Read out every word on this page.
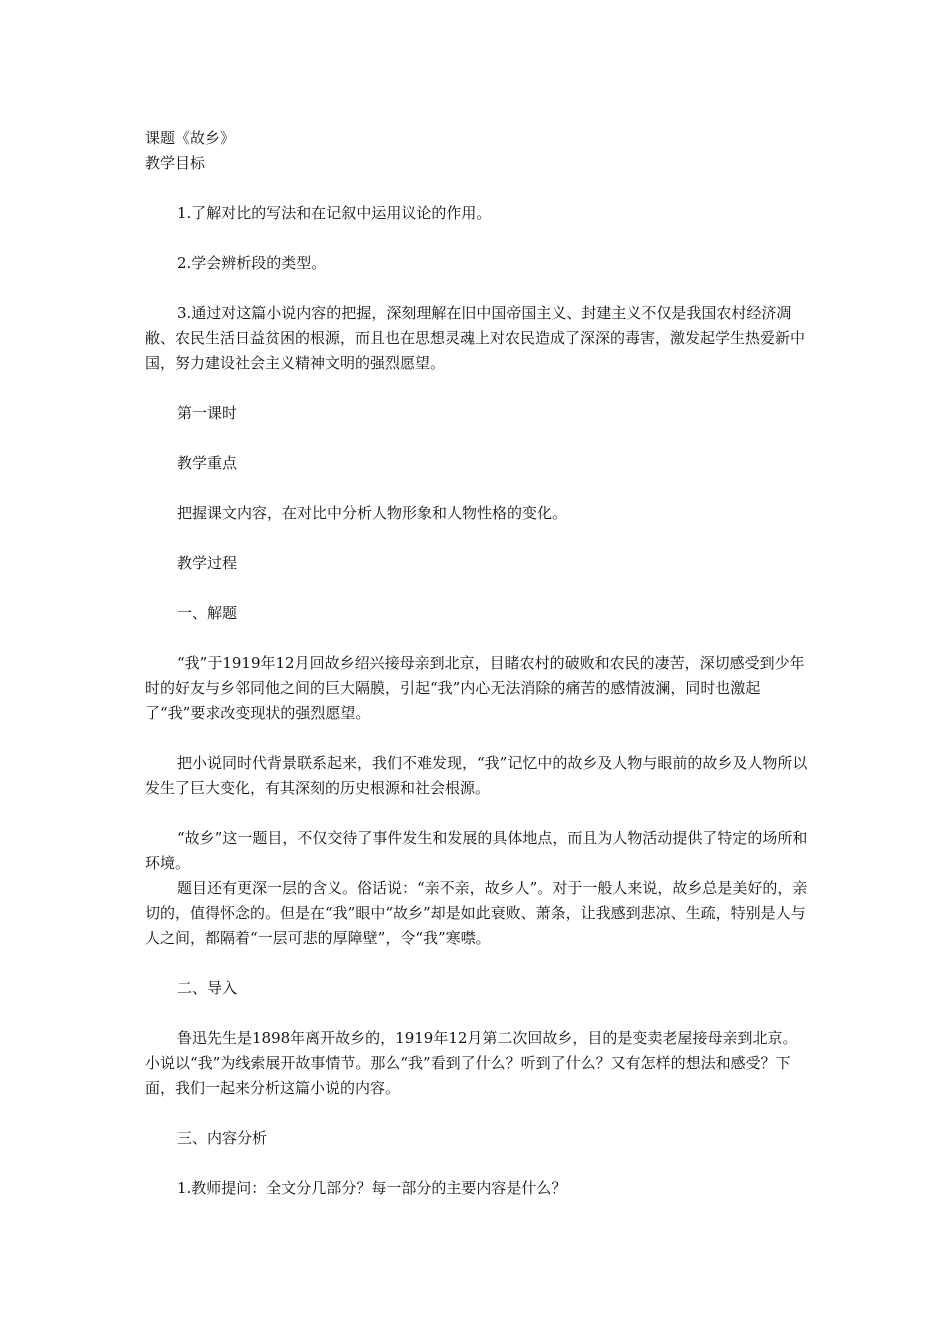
课题《故乡》

教学目标

1.了解对比的写法和在记叙中运用议论的作用。

2.学会辨析段的类型。

3.通过对这篇小说内容的把握，深刻理解在旧中国帝国主义、封建主义不仅是我国农村经济凋敝、农民生活日益贫困的根源，而且也在思想灵魂上对农民造成了深深的毒害，激发起学生热爱新中国，努力建设社会主义精神文明的强烈愿望。

第一课时

教学重点

把握课文内容，在对比中分析人物形象和人物性格的变化。

教学过程

一、解题

“我”于1919年12月回故乡绍兴接母亲到北京，目睹农村的破败和农民的凄苦，深切感受到少年时的好友与乡邻同他之间的巨大隔膜，引起“我”内心无法消除的痛苦的感情波澜，同时也激起了“我”要求改变现状的强烈愿望。

把小说同时代背景联系起来，我们不难发现，“我”记忆中的故乡及人物与眼前的故乡及人物所以发生了巨大变化，有其深刻的历史根源和社会根源。

“故乡”这一题目，不仅交待了事件发生和发展的具体地点，而且为人物活动提供了特定的场所和环境。

题目还有更深一层的含义。俗话说：“亲不亲，故乡人”。对于一般人来说，故乡总是美好的，亲切的，值得怀念的。但是在“我”眼中“故乡”却是如此衰败、萧条，让我感到悲凉、生疏，特别是人与人之间，都隔着“一层可悲的厚障壁”，令“我”寒噤。

二、导入

鲁迅先生是1898年离开故乡的，1919年12月第二次回故乡，目的是变卖老屋接母亲到北京。小说以“我”为线索展开故事情节。那么“我”看到了什么？听到了什么？又有怎样的想法和感受？下面，我们一起来分析这篇小说的内容。

三、内容分析

1.教师提问：全文分几部分？每一部分的主要内容是什么？
